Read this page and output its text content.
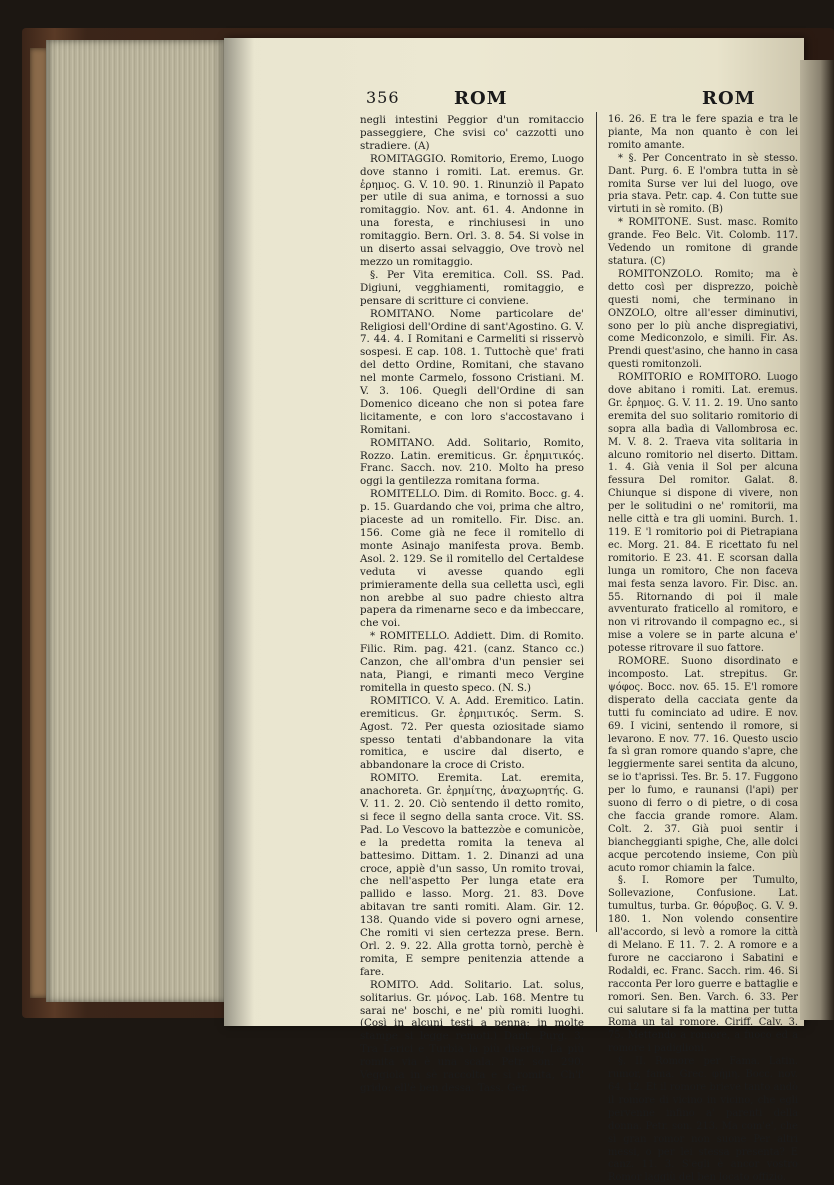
356	ROM	ROM

negli intestini Peggior d'un romitaccio passeggiere, Che svisi co' cazzotti uno stradiere. (A)

ROMITAGGIO. Romitorio, Eremo, Luogo dove stanno i romiti. Lat. eremus. Gr. ἐρημος. G. V. 10. 90. 1. Rinunziò il Papato per utile di sua anima, e tornossi a suo romitaggio. Nov. ant. 61. 4. Andonne in una foresta, e rinchiusesi in uno romitaggio. Bern. Orl. 3. 8. 54. Si volse in un diserto assai selvaggio, Ove trovò nel mezzo un romitaggio.

§. Per Vita eremitica. Coll. SS. Pad. Digiuni, vegghiamenti, romitaggio, e pensare di scritture ci conviene.

ROMITANO. Nome particolare de' Religiosi dell'Ordine di sant'Agostino. G. V. 7. 44. 4. I Romitani e Carmeliti si risservò sospesi. E cap. 108. 1. Tuttochè que' frati del detto Ordine, Romitani, che stavano nel monte Carmelo, fossono Cristiani. M. V. 3. 106. Quegli dell'Ordine di san Domenico diceano che non si potea fare licitamente, e con loro s'accostavano i Romitani.

ROMITANO. Add. Solitario, Romito, Rozzo. Latin. eremiticus. Gr. ἐρημιτικός. Franc. Sacch. nov. 210. Molto ha preso oggi la gentilezza romitana forma.

ROMITELLO. Dim. di Romito. Bocc. g. 4. p. 15. Guardando che voi, prima che altro, piaceste ad un romitello. Fir. Disc. an. 156. Come già ne fece il romitello di monte Asinajo manifesta prova. Bemb. Asol. 2. 129. Se il romitello del Certaldese veduta vi avesse quando egli primieramente della sua celletta uscì, egli non arebbe al suo padre chiesto altra papera da rimenarne seco e da imbeccare, che voi.

* ROMITELLO. Addiett. Dim. di Romito. Filic. Rim. pag. 421. (canz. Stanco cc.) Canzon, che all'ombra d'un pensier sei nata, Piangi, e rimanti meco Vergine romitella in questo speco. (N. S.)

ROMITICO. V. A. Add. Eremitico. Latin. eremiticus. Gr. ἐρημιτικός. Serm. S. Agost. 72. Per questa oziositade siamo spesso tentati d'abbandonare la vita romitica, e uscire dal diserto, e abbandonare la croce di Cristo.

ROMITO. Eremita. Lat. eremita, anachoreta. Gr. ἐρημίτης, ἀναχωρητής. G. V. 11. 2. 20. Ciò sentendo il detto romito, si fece il segno della santa croce. Vit. SS. Pad. Lo Vescovo la battezzòe e comunicòe, e la predetta romita la teneva al battesimo. Dittam. 1. 2. Dinanzi ad una croce, appiè d'un sasso, Un romito trovai, che nell'aspetto Per lunga etate era pallido e lasso. Morg. 21. 83. Dove abitavan tre santi romiti. Alam. Gir. 12. 138. Quando vide si povero ogni arnese, Che romiti vi sien certezza prese. Bern. Orl. 2. 9. 22. Alla grotta tornò, perchè è romita, E sempre penitenzia attende a fare.

ROMITO. Add. Solitario. Lat. solus, solitarius. Gr. μόνος. Lab. 168. Mentre tu sarai ne' boschi, e ne' più romiti luoghi. (Così in alcuni testi a penna; in molte stampe si legge remoti.) Dant. Purg. 3. Tra Lerici e Turbìa la più diserta, La più romita via è una scala. Petr. son. 290. Veggiola in sè raccolta e sì romita, Ch'i' grido: ell'è ben dessa. Tass. Ger.

16. 26. E tra le fere spazia e tra le piante, Ma non quanto è con lei romito amante.

* §. Per Concentrato in sè stesso. Dant. Purg. 6. E l'ombra tutta in sè romita Surse ver lui del luogo, ove pria stava. Petr. cap. 4. Con tutte sue virtuti in sè romito. (B)

* ROMITONE. Sust. masc. Romito grande. Feo Belc. Vit. Colomb. 117. Vedendo un romitone di grande statura. (C)

ROMITONZOLO. Romito; ma è detto così per disprezzo, poichè questi nomi, che terminano in ONZOLO, oltre all'esser diminutivi, sono per lo più anche dispregiativi, come Mediconzolo, e simili. Fir. As. Prendi quest'asino, che hanno in casa questi romitonzoli.

ROMITORIO e ROMITORO. Luogo dove abitano i romiti. Lat. eremus. Gr. ἐρημος. G. V. 11. 2. 19. Uno santo eremita del suo solitario romitorio di sopra alla badìa di Vallombrosa ec. M. V. 8. 2. Traeva vita solitaria in alcuno romitorio nel diserto. Dittam. 1. 4. Già venia il Sol per alcuna fessura Del romitor. Galat. 8. Chiunque si dispone di vivere, non per le solitudini o ne' romitorii, ma nelle città e tra gli uomini. Burch. 1. 119. E 'l romitorio poi di Pietrapiana ec. Morg. 21. 84. E ricettato fu nel romitorio. E 23. 41. E scorsan dalla lunga un romitoro, Che non faceva mai festa senza lavoro. Fir. Disc. an. 55. Ritornando di poi il male avventurato fraticello al romitoro, e non vi ritrovando il compagno ec., si mise a volere se in parte alcuna e' potesse ritrovare il suo fattore.

ROMORE. Suono disordinato e incomposto. Lat. strepitus. Gr. ψόφος. Bocc. nov. 65. 15. E'l romore disperato della cacciata gente da tutti fu cominciato ad udire. E nov. 69. I vicini, sentendo il romore, si levarono. E nov. 77. 16. Questo uscio fa sì gran romore quando s'apre, che leggiermente sarei sentita da alcuno, se io t'aprissi. Tes. Br. 5. 17. Fuggono per lo fumo, e raunansi (l'api) per suono di ferro o di pietre, o di cosa che faccia grande romore. Alam. Colt. 2. 37. Già puoi sentir i biancheggianti spighe, Che, alle dolci acque percotendo insieme, Con più acuto romor chiamin la falce.

§. I. Romore per Tumulto, Sollevazione, Confusione. Lat. tumultus, turba. Gr. θόρυβος. G. V. 9. 180. 1. Non volendo consentire all'accordo, si levò a romore la città di Melano. E 11. 7. 2. A romore e a furore ne cacciarono i Sabatini e Rodaldi, ec. Franc. Sacch. rim. 46. Si racconta Per loro guerre e battaglie e romori. Sen. Ben. Varch. 6. 33. Per cui salutare si fa la mattina per tutta Roma un tal romore. Ciriff. Calv. 3. 75. Mettendo a romore, a fuoco ed a romore i padiglioni.

§. II. Romore per Fama. Latin. rumor, fama. Grec. φήμη. Bocc. nov. 64. 12. Et il romore brieve tanto andò il romore di vicino in vicino, che egli pervenne infino a' parenti della donna. Petr. son. 213. Ma com'e', che sì gran romor non suone Per altri messi, o per lei stessa presenta? E canz. 11. 3. S'egli è ancor vostro Romor laggiù del ben locato offizio.
